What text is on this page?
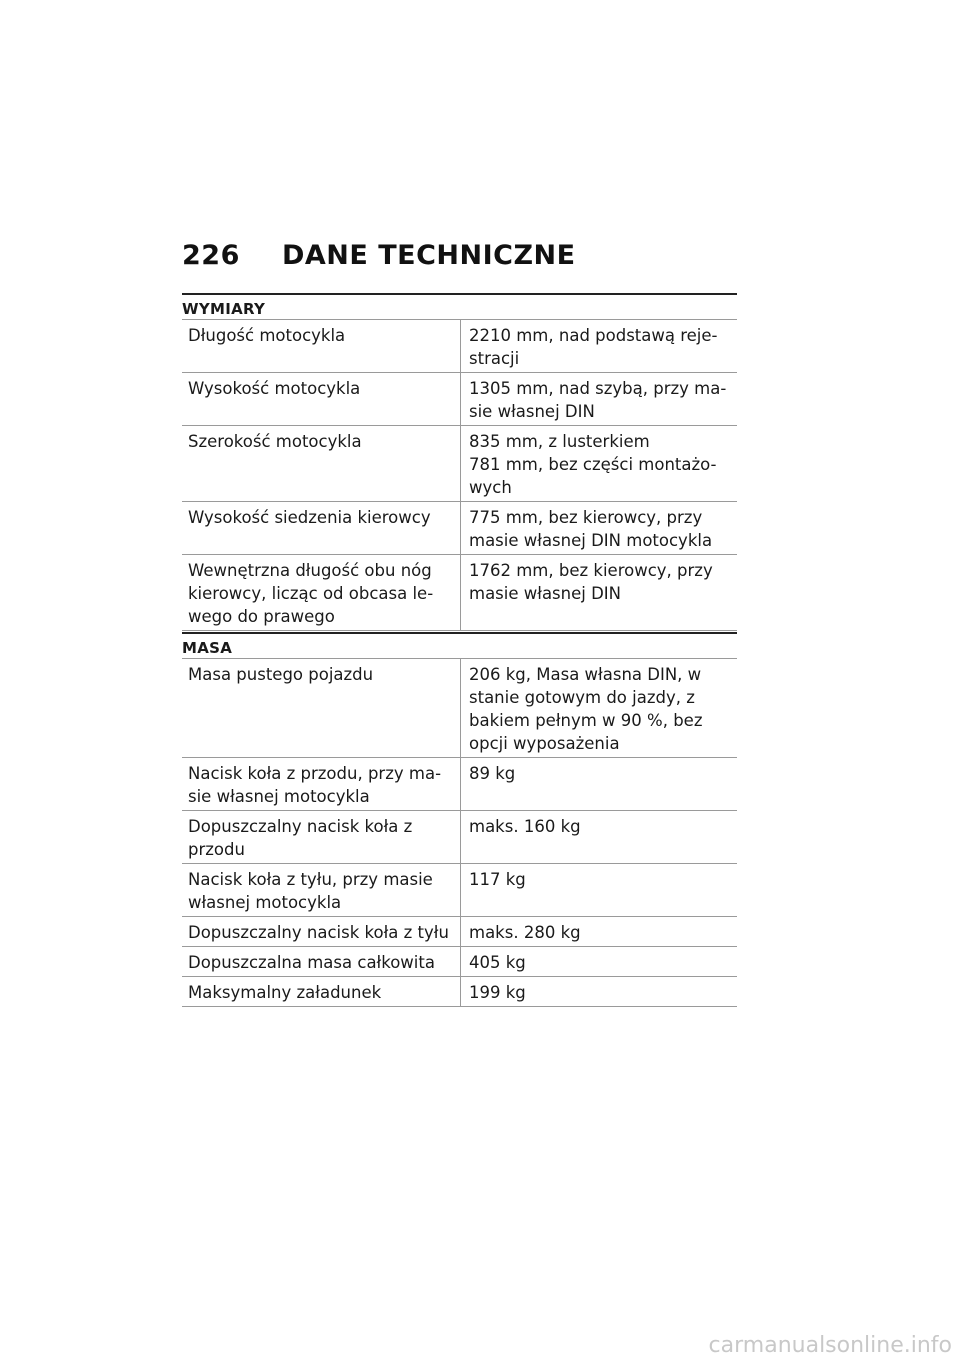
226	DANE TECHNICZNE
WYMIARY
Długość motocykla	2210 mm, nad podstawą reje-
stracji
Wysokość motocykla	1305 mm, nad szybą, przy ma-
sie własnej DIN
Szerokość motocykla	835 mm, z lusterkiem
781 mm, bez części montażo-
wych
Wysokość siedzenia kierowcy	775 mm, bez kierowcy, przy
masie własnej DIN motocykla
Wewnętrzna długość obu nóg
kierowcy, licząc od obcasa le-
wego do prawego	1762 mm, bez kierowcy, przy
masie własnej DIN
MASA
Masa pustego pojazdu	206 kg, Masa własna DIN, w
stanie gotowym do jazdy, z
bakiem pełnym w 90 %, bez
opcji wyposażenia
Nacisk koła z przodu, przy ma-
sie własnej motocykla	89 kg
Dopuszczalny nacisk koła z
przodu	maks. 160 kg
Nacisk koła z tyłu, przy masie
własnej motocykla	117 kg
Dopuszczalny nacisk koła z tyłu	maks. 280 kg
Dopuszczalna masa całkowita	405 kg
Maksymalny załadunek	199 kg
carmanualsonline.info
